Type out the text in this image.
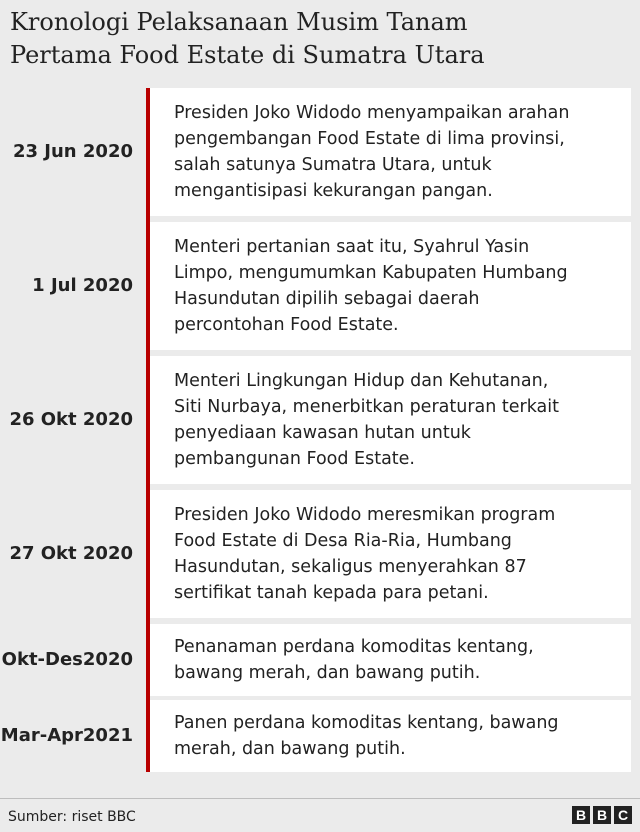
Kronologi Pelaksanaan Musim Tanam
Pertama Food Estate di Sumatra Utara
23 Jun 2020
Presiden Joko Widodo menyampaikan arahan
pengembangan Food Estate di lima provinsi,
salah satunya Sumatra Utara, untuk
mengantisipasi kekurangan pangan.
1 Jul 2020
Menteri pertanian saat itu, Syahrul Yasin
Limpo, mengumumkan Kabupaten Humbang
Hasundutan dipilih sebagai daerah
percontohan Food Estate.
26 Okt 2020
Menteri Lingkungan Hidup dan Kehutanan,
Siti Nurbaya, menerbitkan peraturan terkait
penyediaan kawasan hutan untuk
pembangunan Food Estate.
27 Okt 2020
Presiden Joko Widodo meresmikan program
Food Estate di Desa Ria-Ria, Humbang
Hasundutan, sekaligus menyerahkan 87
sertifikat tanah kepada para petani.
Okt-Des 2020
Penanaman perdana komoditas kentang,
bawang merah, dan bawang putih.
Mar-Apr 2021
Panen perdana komoditas kentang, bawang
merah, dan bawang putih.
Sumber: riset BBC	B B C
